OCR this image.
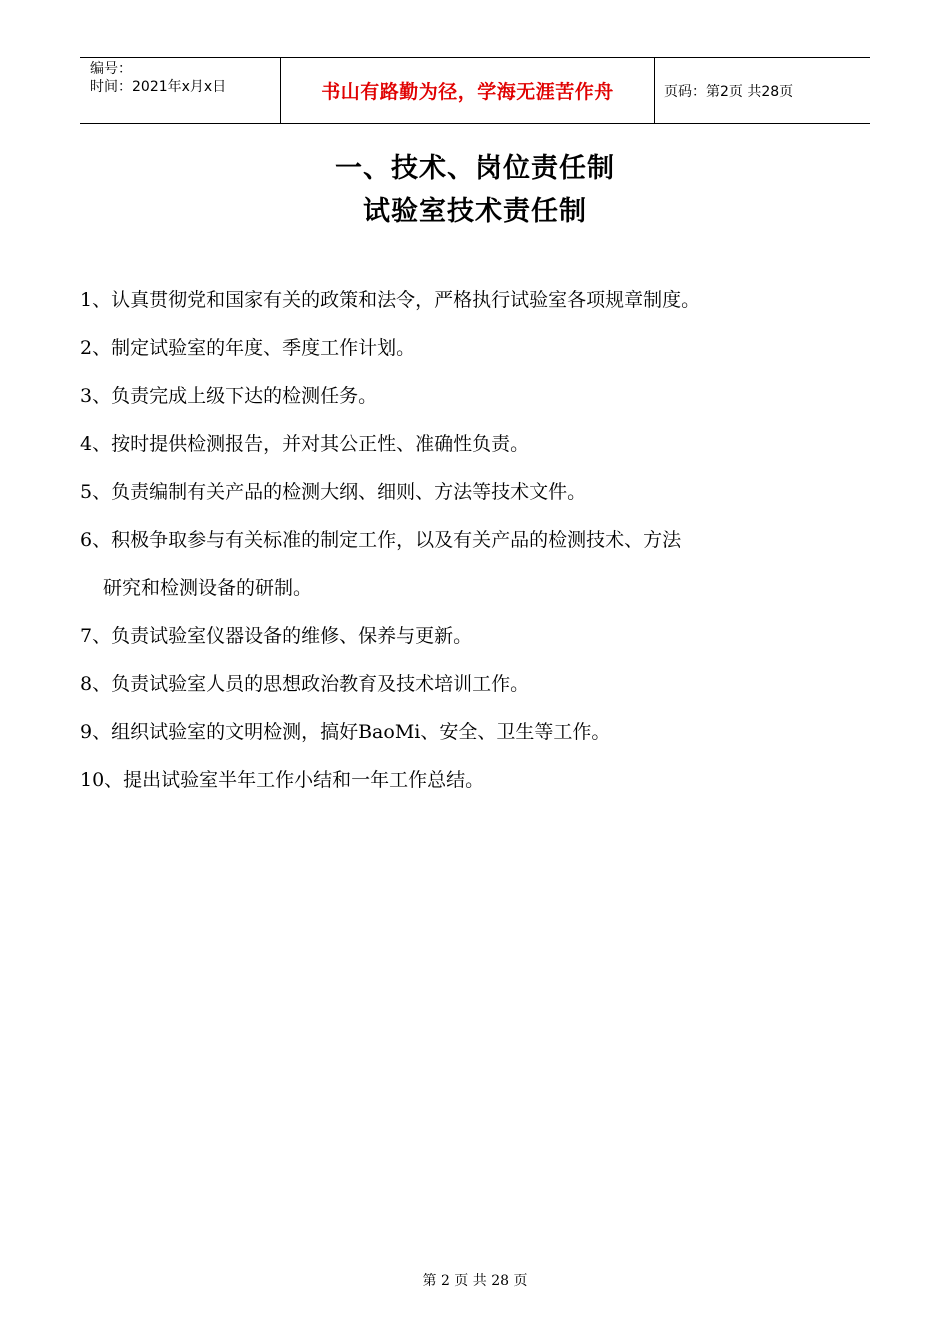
编号：
时间：2021年x月x日	书山有路勤为径，学海无涯苦作舟	页码：第2页 共28页
一、技术、岗位责任制
试验室技术责任制
1、认真贯彻党和国家有关的政策和法令，严格执行试验室各项规章制度。
2、制定试验室的年度、季度工作计划。
3、负责完成上级下达的检测任务。
4、按时提供检测报告，并对其公正性、准确性负责。
5、负责编制有关产品的检测大纲、细则、方法等技术文件。
6、积极争取参与有关标准的制定工作，以及有关产品的检测技术、方法
研究和检测设备的研制。
7、负责试验室仪器设备的维修、保养与更新。
8、负责试验室人员的思想政治教育及技术培训工作。
9、组织试验室的文明检测，搞好BaoMi、安全、卫生等工作。
10、提出试验室半年工作小结和一年工作总结。
第 2 页 共 28 页
